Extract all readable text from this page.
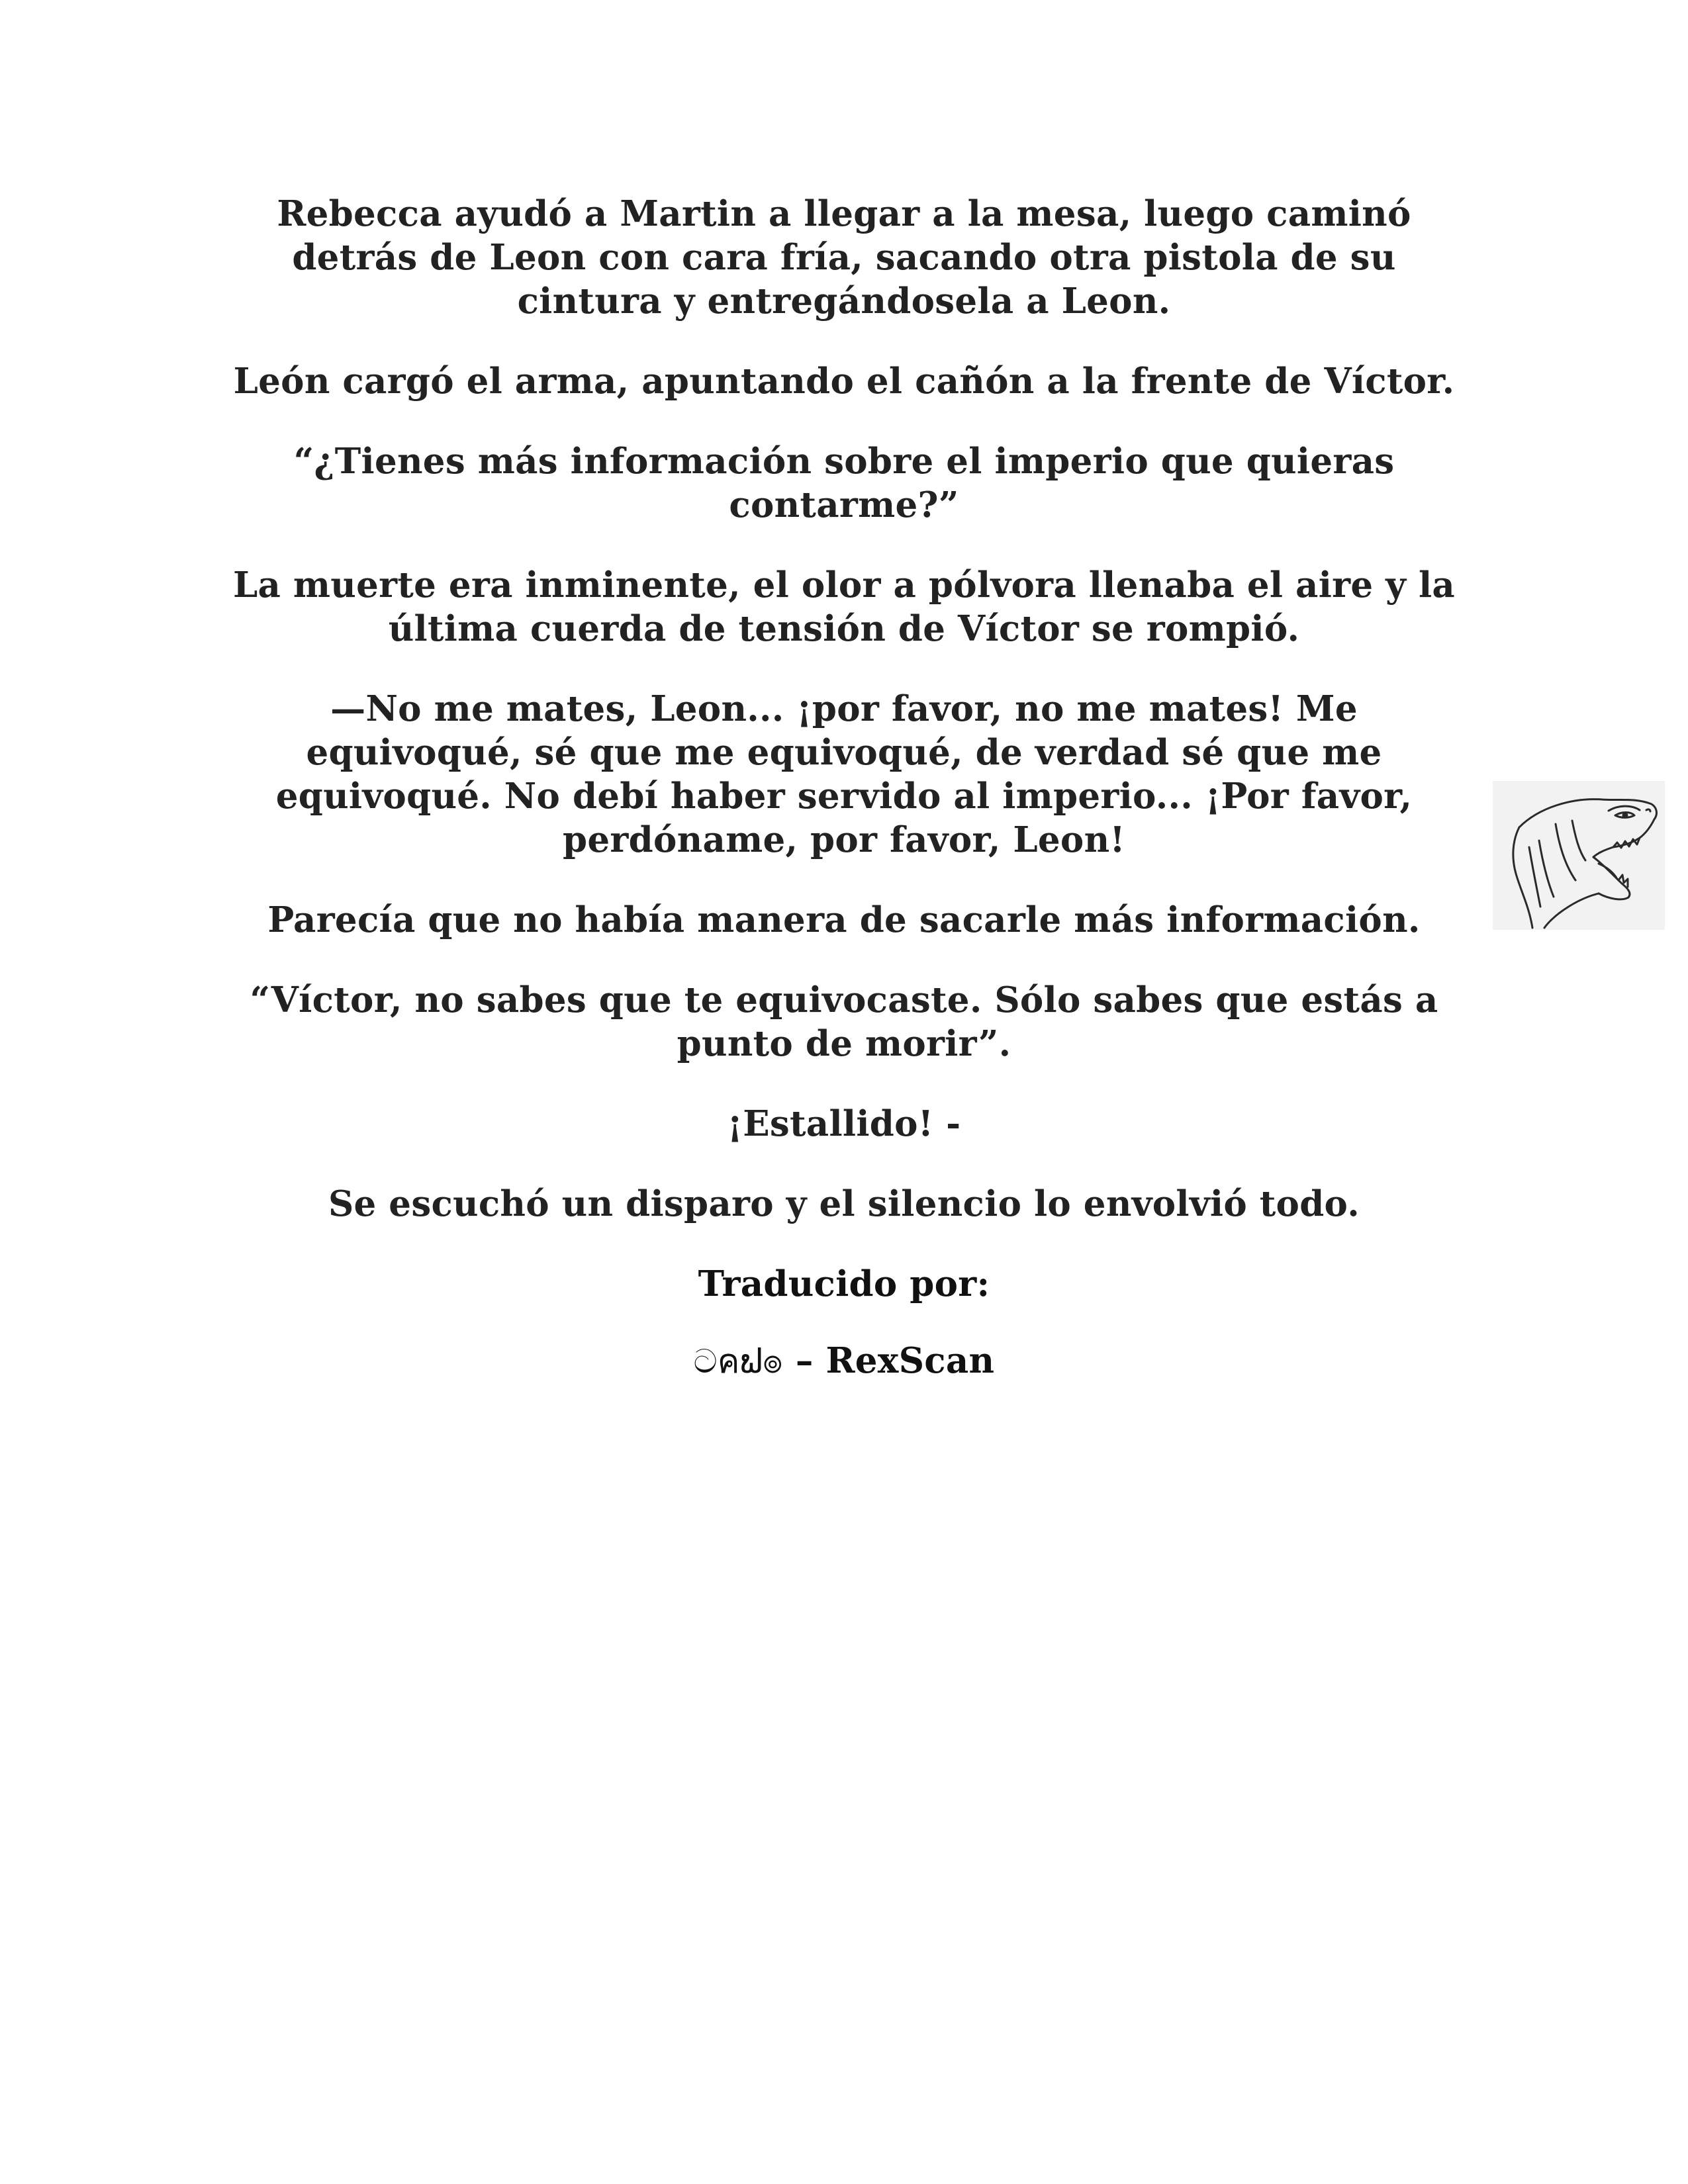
Rebecca ayudó a Martin a llegar a la mesa, luego caminó detrás de Leon con cara fría, sacando otra pistola de su cintura y entregándosela a Leon.

León cargó el arma, apuntando el cañón a la frente de Víctor.

“¿Tienes más información sobre el imperio que quieras contarme?”

La muerte era inminente, el olor a pólvora llenaba el aire y la última cuerda de tensión de Víctor se rompió.

—No me mates, Leon... ¡por favor, no me mates! Me equivoqué, sé que me equivoqué, de verdad sé que me equivoqué. No debí haber servido al imperio... ¡Por favor, perdóname, por favor, Leon!

Parecía que no había manera de sacarle más información.

“Víctor, no sabes que te equivocaste. Sólo sabes que estás a punto de morir”.

¡Estallido! -

Se escuchó un disparo y el silencio lo envolvió todo.

Traducido por:

ටคຟ๏ – RexScan
